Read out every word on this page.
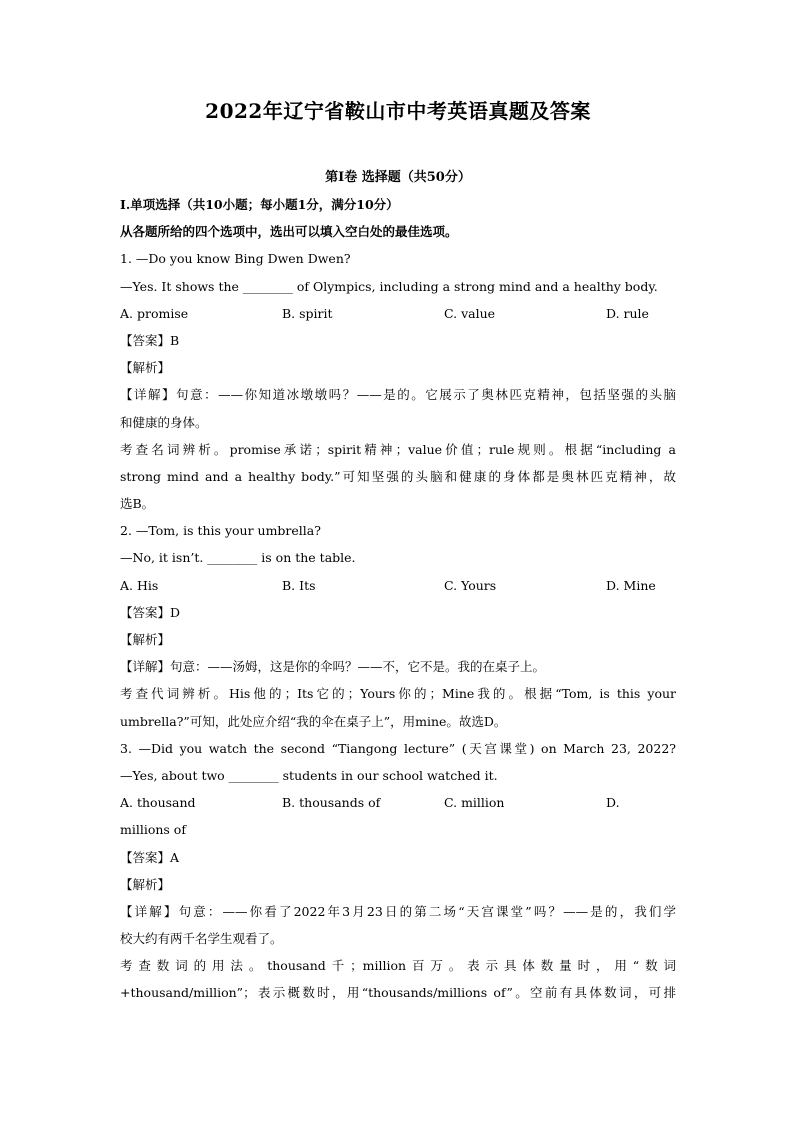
2022年辽宁省鞍山市中考英语真题及答案
第Ⅰ卷 选择题（共50分）
I.单项选择（共10小题；每小题1分，满分10分）
从各题所给的四个选项中，选出可以填入空白处的最佳选项。
1. —Do you know Bing Dwen Dwen?
—Yes. It shows the ________ of Olympics, including a strong mind and a healthy body.
A. promise	B. spirit	C. value	D. rule
【答案】B
【解析】
【详解】句意：——你知道冰墩墩吗？——是的。它展示了奥林匹克精神，包括坚强的头脑
和健康的身体。
考查名词辨析。promise承诺；spirit精神；value价值；rule规则。根据“including a
strong mind and a healthy body.”可知坚强的头脑和健康的身体都是奥林匹克精神，故
选B。
2. —Tom, is this your umbrella?
—No, it isn’t. ________ is on the table.
A. His	B. Its	C. Yours	D. Mine
【答案】D
【解析】
【详解】句意：——汤姆，这是你的伞吗？——不，它不是。我的在桌子上。
考查代词辨析。His他的；Its它的；Yours你的；Mine我的。根据“Tom, is this your
umbrella?”可知，此处应介绍“我的伞在桌子上”，用mine。故选D。
3. —Did you watch the second “Tiangong lecture” (天宫课堂) on March 23, 2022?
—Yes, about two ________ students in our school watched it.
A. thousand	B. thousands of	C. million	D.
millions of
【答案】A
【解析】
【详解】句意：——你看了2022年3月23日的第二场“天宫课堂”吗？——是的，我们学
校大约有两千名学生观看了。
考查数词的用法。thousand千；million百万。表示具体数量时，用“数词
+thousand/million”；表示概数时，用“thousands/millions of”。空前有具体数词，可排
